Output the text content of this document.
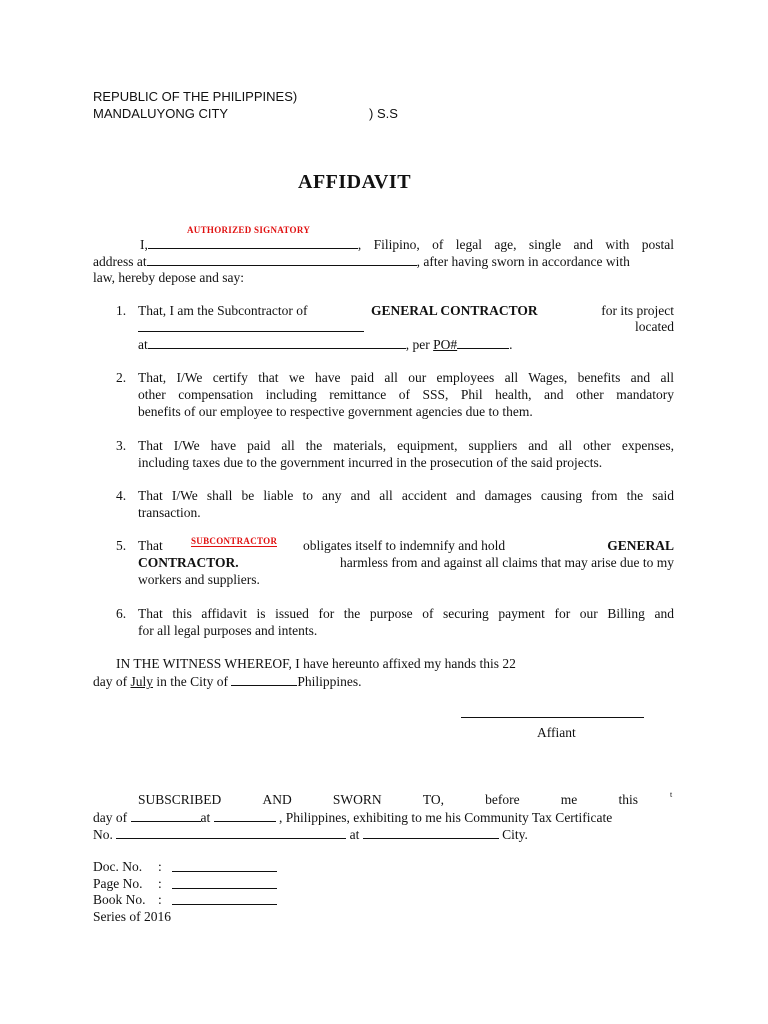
REPUBLIC OF THE PHILIPPINES)
MANDALUYONG CITY	) S.S
AFFIDAVIT
AUTHORIZED SIGNATORY
I,	, Filipino, of legal age, single and with postal
address at	, after having sworn in accordance with
law, hereby depose and say:
1. That, I am the Subcontractor of	GENERAL CONTRACTOR	for its project
located
at	, per PO#	.
2. That, I/We certify that we have paid all our employees all Wages, benefits and all
other compensation including remittance of SSS, Phil health, and other mandatory
benefits of our employee to respective government agencies due to them.
3. That I/We have paid all the materials, equipment, suppliers and all other expenses,
including taxes due to the government incurred in the prosecution of the said projects.
4. That I/We shall be liable to any and all accident and damages causing from the said
transaction.
SUBCONTRACTOR
5. That	obligates itself to indemnify and hold	GENERAL
CONTRACTOR.	harmless from and against all claims that may arise due to my
workers and suppliers.
6. That this affidavit is issued for the purpose of securing payment for our Billing and
for all legal purposes and intents.
IN THE WITNESS WHEREOF, I have hereunto affixed my hands this 22
day of July in the City of	Philippines.
Affiant
SUBSCRIBED	AND	SWORN	TO,	before	me	this	t
day of	at	, Philippines, exhibiting to me his Community Tax Certificate
No.	at	City.
Doc. No. :
Page No. :
Book No. :
Series of 2016
